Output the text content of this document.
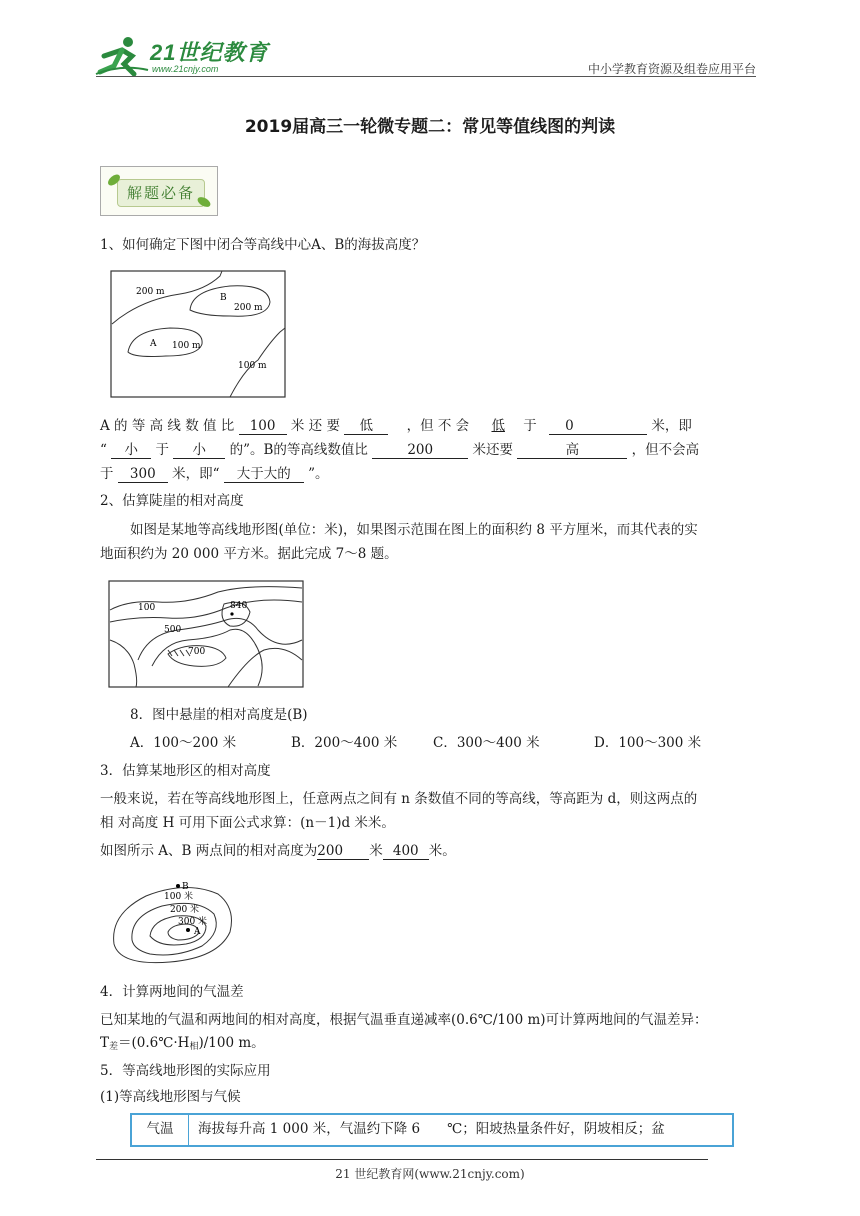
21世纪教育
www.21cnjy.com	中小学教育资源及组卷应用平台
2019届高三一轮微专题二：常见等值线图的判读
解题必备
1、如何确定下图中闭合等高线中心A、B的海拔高度？
200 m
B
200 m
A 100 m
100 m
A 的 等 高 线 数 值 比 100 米 还 要 低 ，但 不 会 低 于 0	米，即
“ 小 于 小 的”。B的等高线数值比	200	米还要	高	，但不会高
于 300 米，即“ 大于大的 ”。
2、估算陡崖的相对高度
如图是某地等高线地形图(单位：米)，如果图示范围在图上的面积约 8 平方厘米，而其代表的实
地面积约为 20 000 平方米。据此完成 7～8 题。
100	840
500
700
8．图中悬崖的相对高度是(B)
A．100～200 米	B．200～400 米	C．300～400 米	D．100～300 米
3．估算某地形区的相对高度
一般来说，若在等高线地形图上，任意两点之间有 n 条数值不同的等高线，等高距为 d，则这两点的
相 对高度 H 可用下面公式求算：(n－1)d 米米。
如图所示 A、B 两点间的相对高度为200 米 400 米。
B
100 米
200 米
300 米
A
4．计算两地间的气温差
已知某地的气温和两地间的相对高度，根据气温垂直递减率(0.6℃/100 m)可计算两地间的气温差异：
$T_差=(0.6℃\cdot H_相)/100$ m。
5．等高线地形图的实际应用
(1)等高线地形图与气候
气温	海拔每升高 1 000 米，气温约下降 6　　℃；阳坡热量条件好，阴坡相反；盆
21 世纪教育网(www.21cnjy.com)
